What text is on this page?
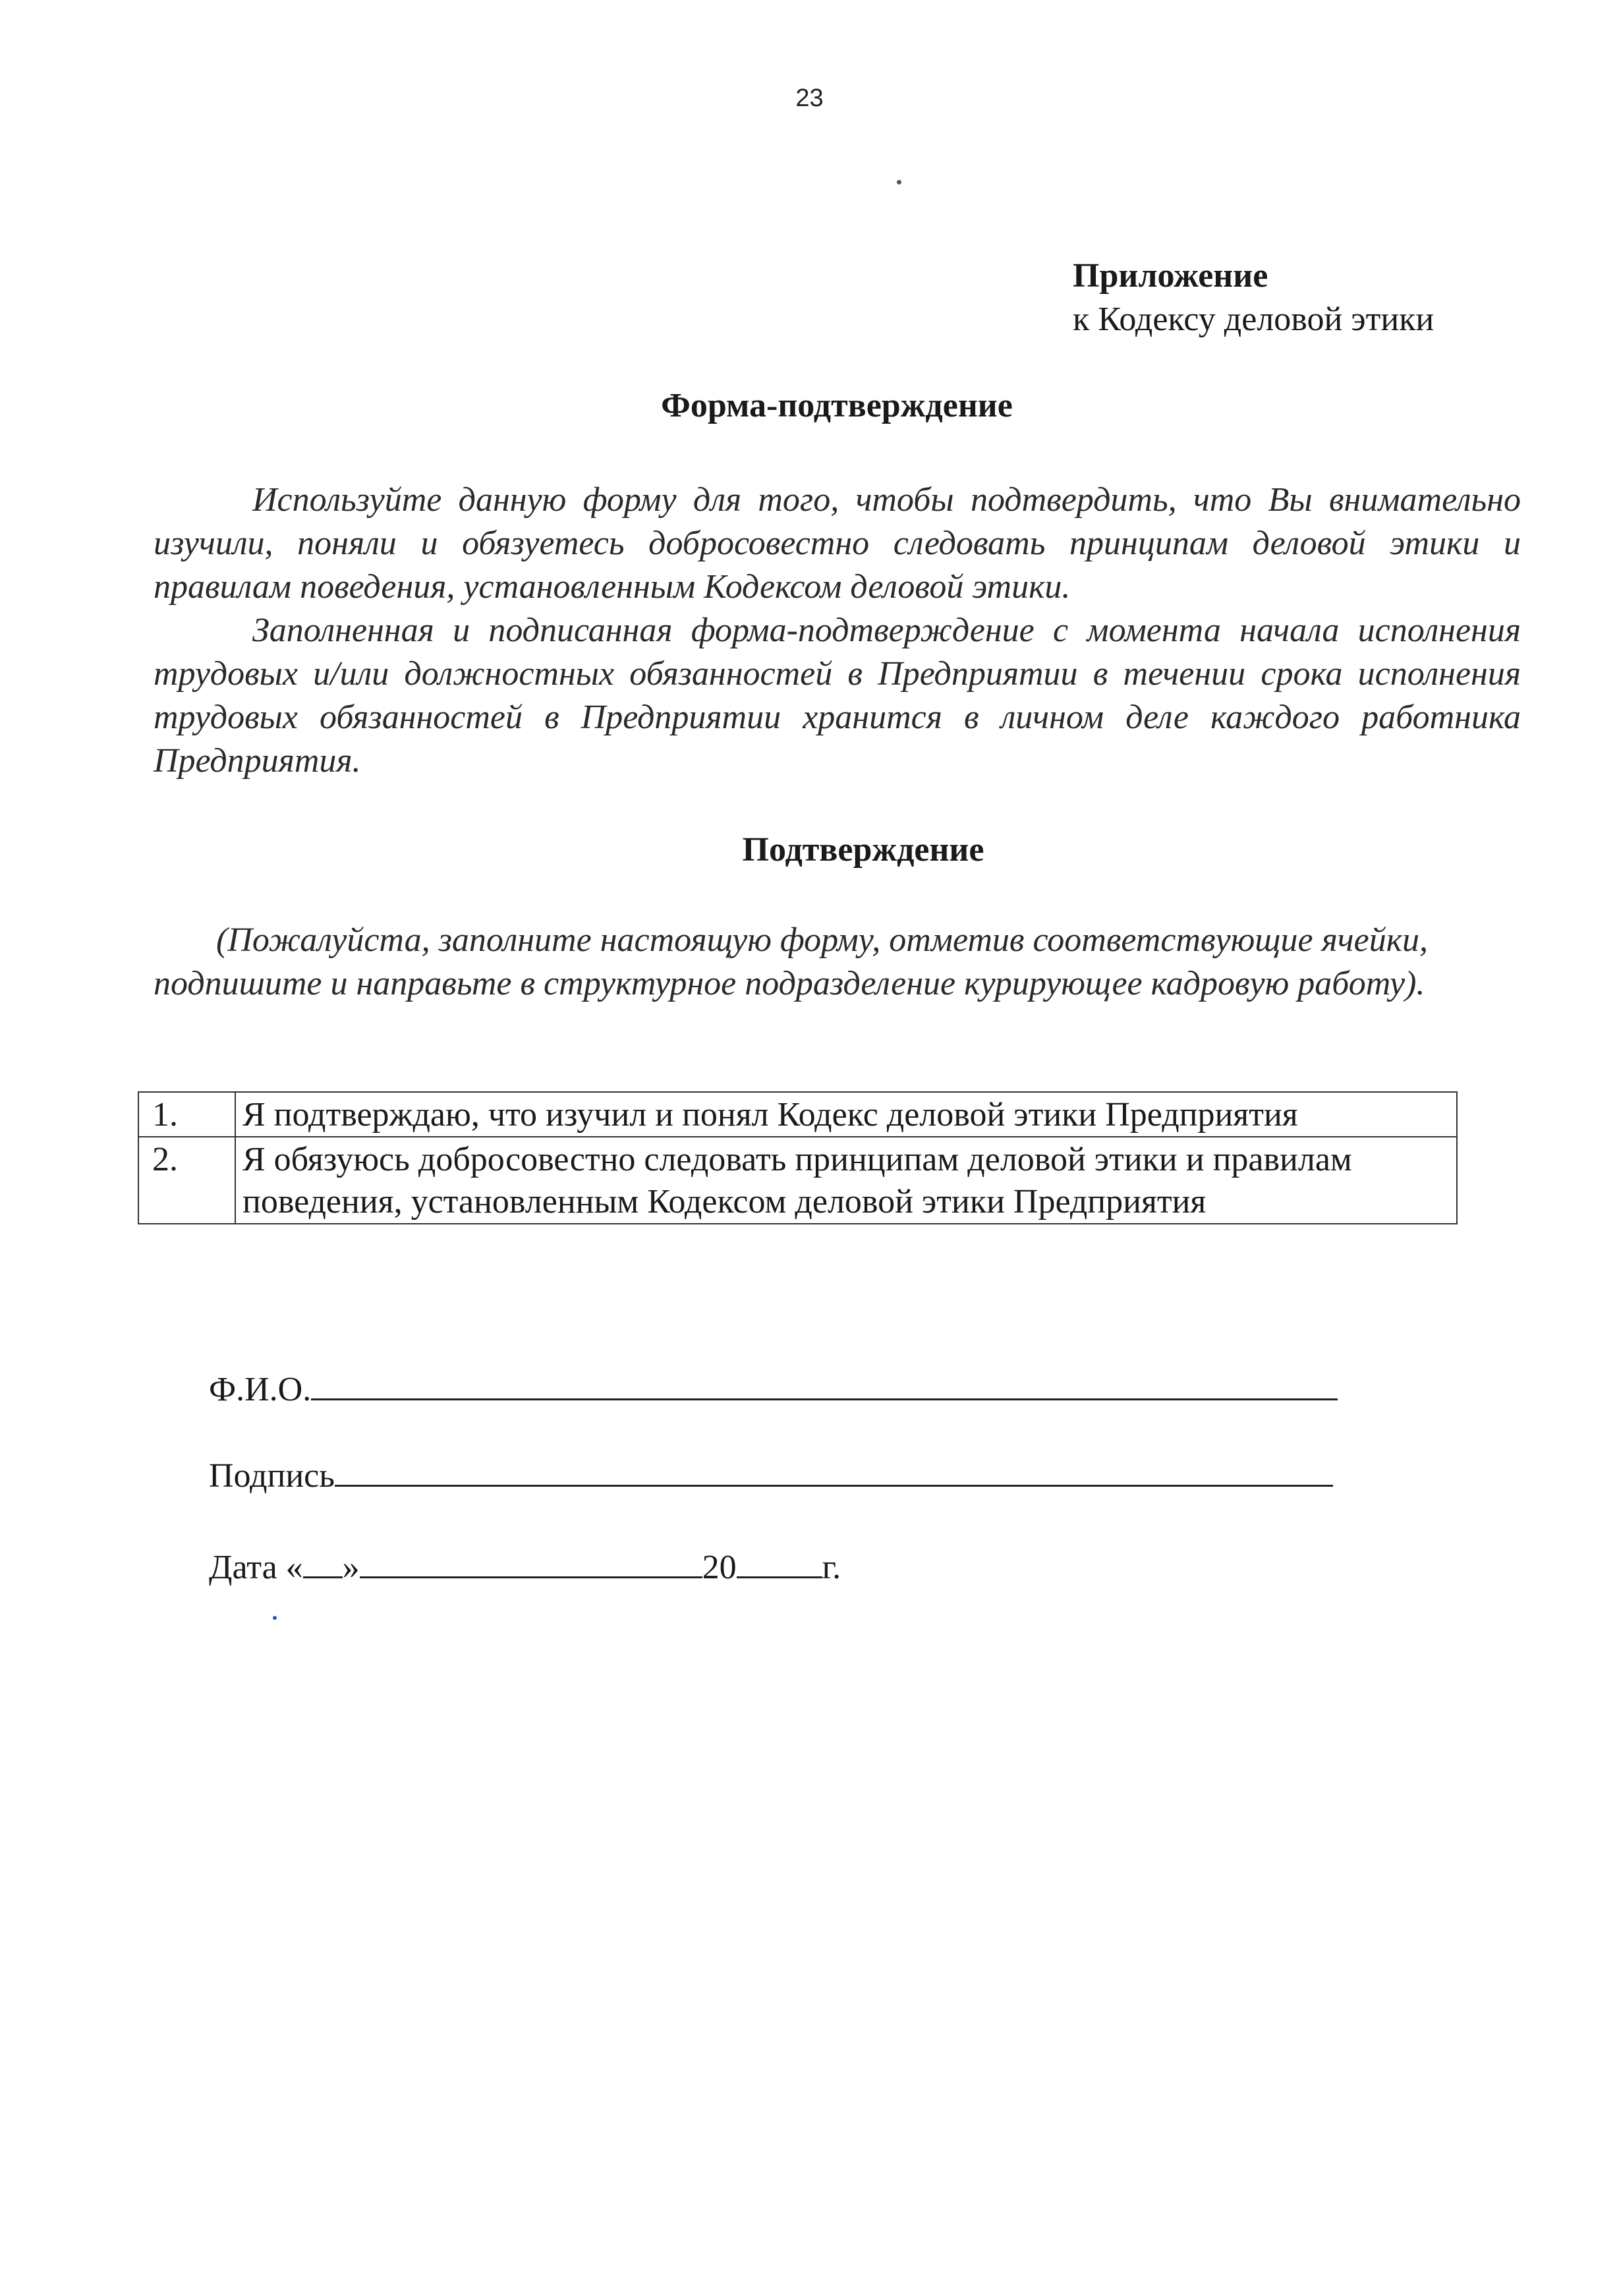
23
Приложение
к Кодексу деловой этики
Форма-подтверждение

Используйте данную форму для того, чтобы подтвердить, что Вы внимательно изучили, поняли и обязуетесь добросовестно следовать принципам деловой этики и правилам поведения, установленным Кодексом деловой этики.

Заполненная и подписанная форма-подтверждение с момента начала исполнения трудовых и/или должностных обязанностей в Предприятии в течении срока исполнения трудовых обязанностей в Предприятии хранится в личном деле каждого работника Предприятия.

Подтверждение

(Пожалуйста, заполните настоящую форму, отметив соответствующие ячейки, подпишите и направьте в структурное подразделение курирующее кадровую работу).

1.	Я подтверждаю, что изучил и понял Кодекс деловой этики Предприятия
2.	Я обязуюсь добросовестно следовать принципам деловой этики и правилам поведения, установленным Кодексом деловой этики Предприятия
Ф.И.О.
Подпись
Дата « »	20	г.
